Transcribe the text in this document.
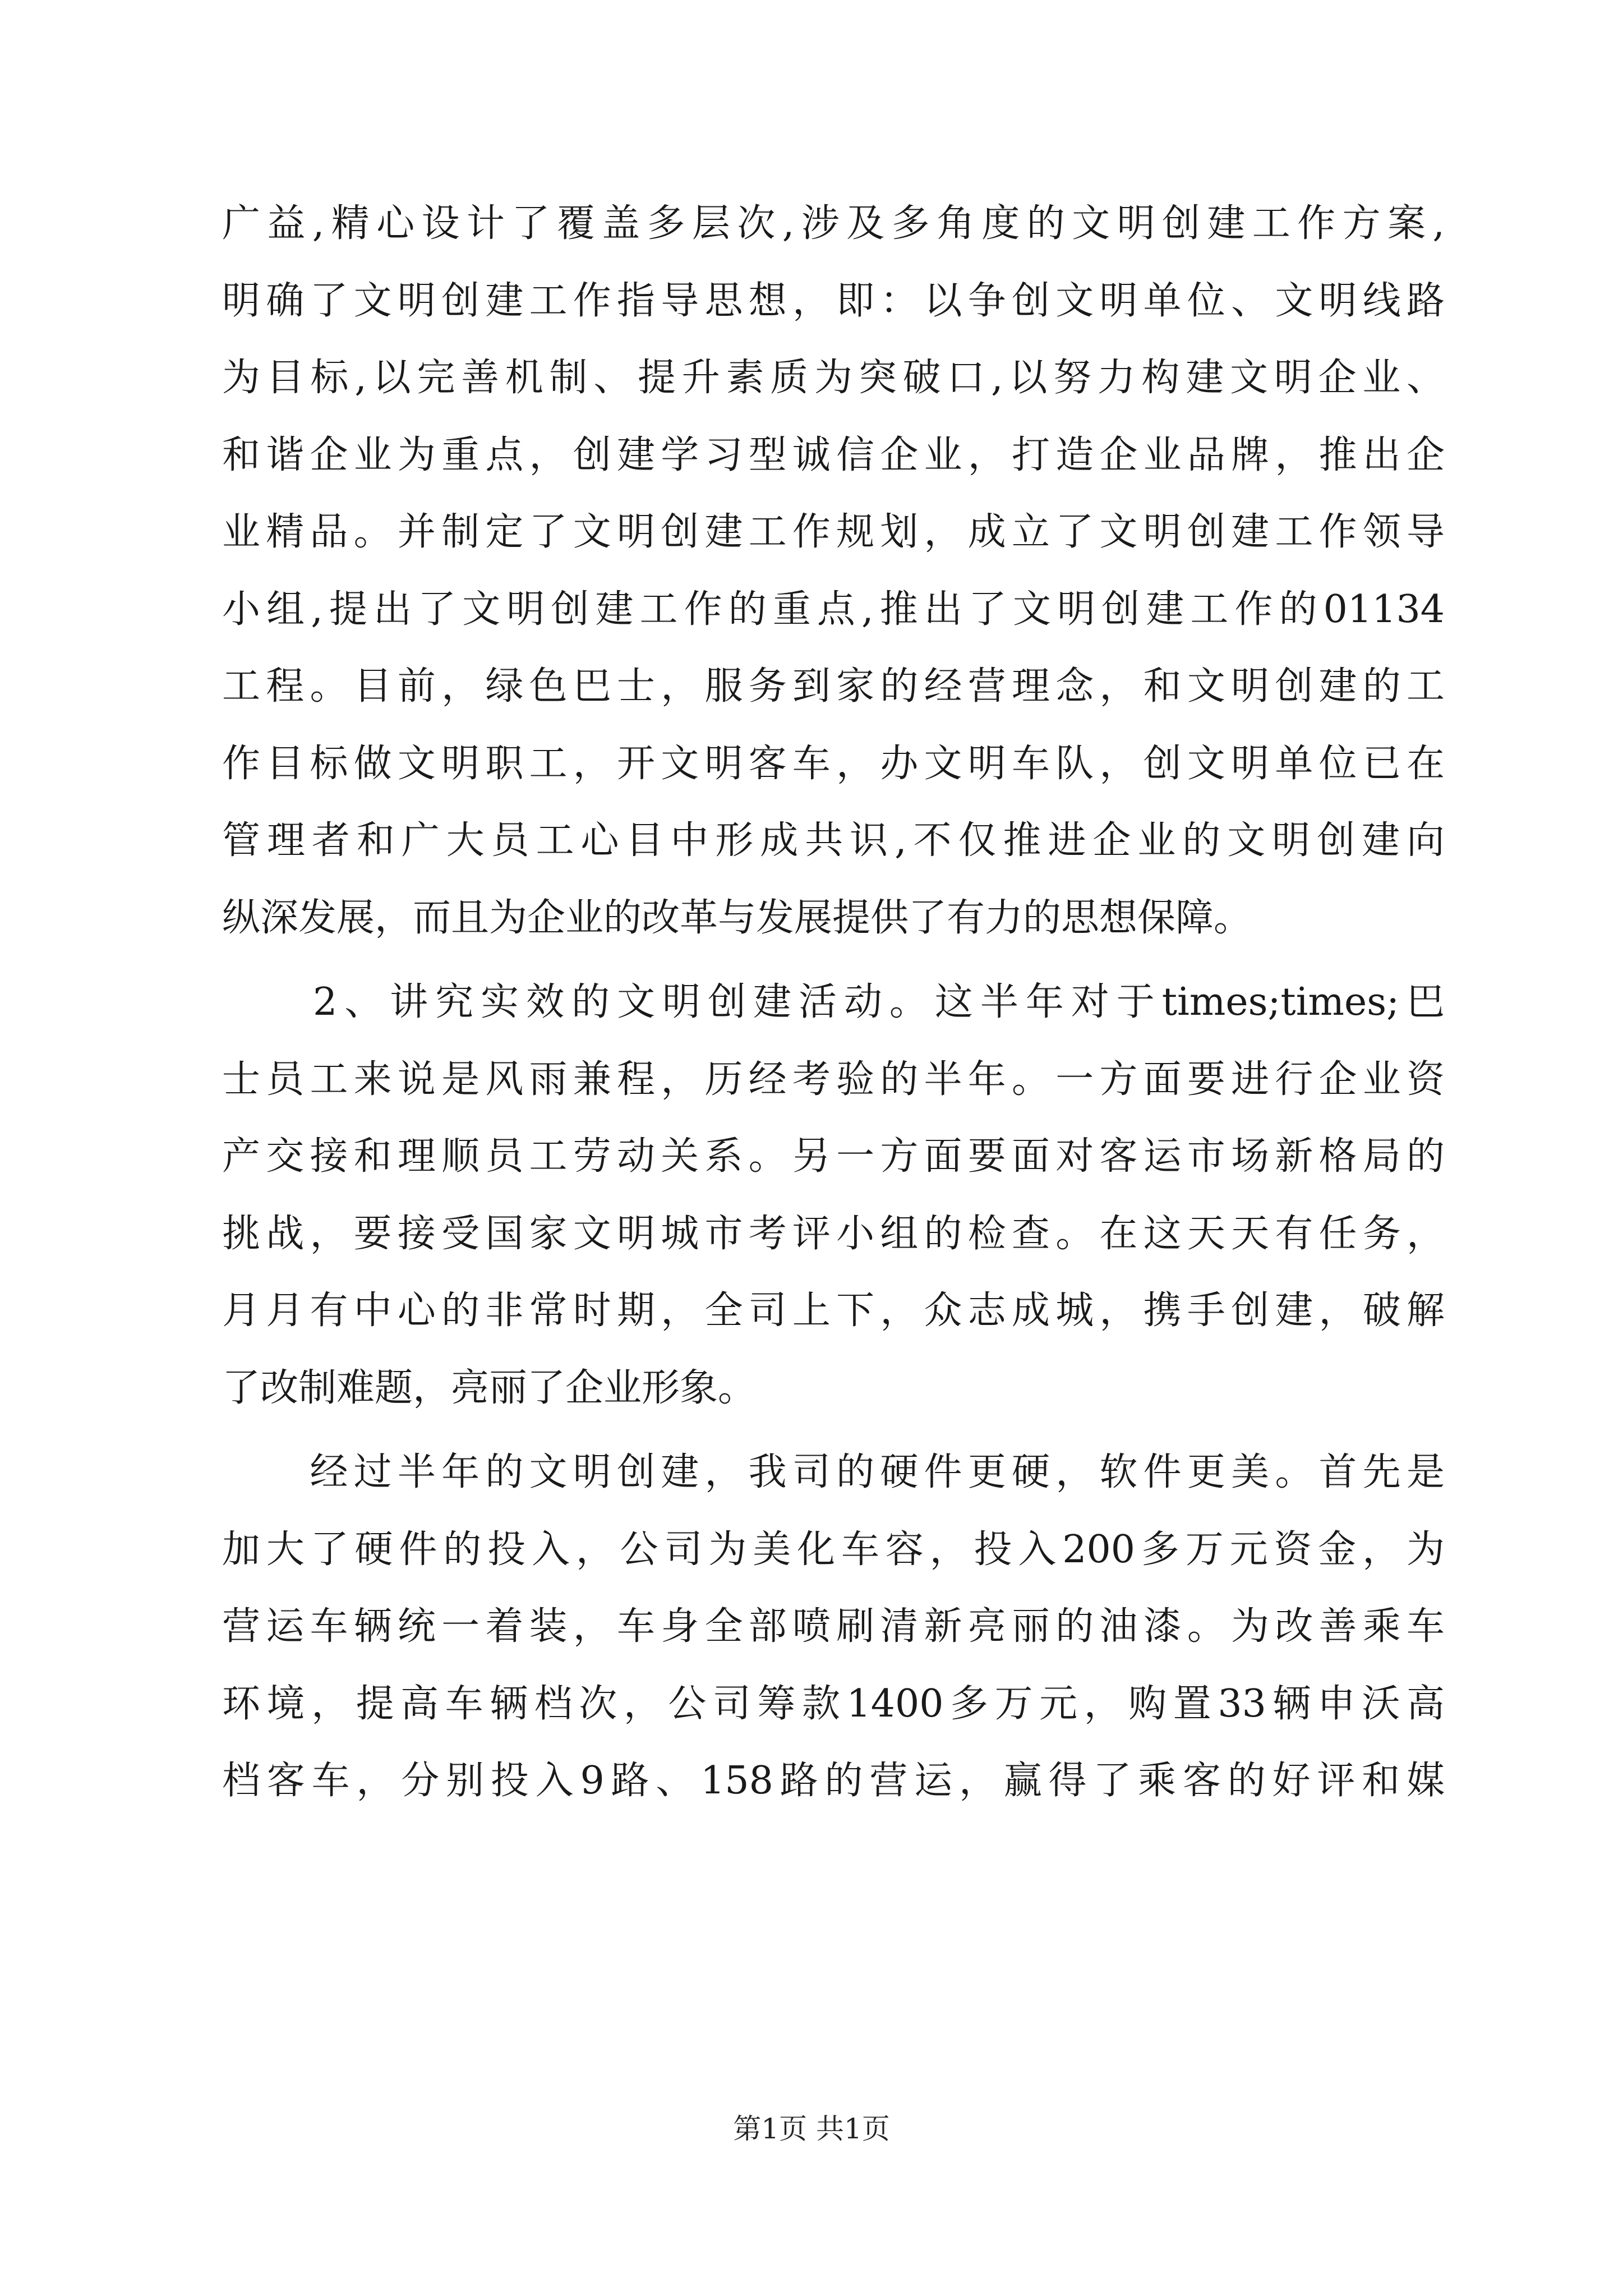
广益,精心设计了覆盖多层次,涉及多角度的文明创建工作方案,
明确了文明创建工作指导思想，即：以争创文明单位、文明线路
为目标,以完善机制、提升素质为突破口,以努力构建文明企业、
和谐企业为重点，创建学习型诚信企业，打造企业品牌，推出企
业精品。并制定了文明创建工作规划，成立了文明创建工作领导
小组,提出了文明创建工作的重点,推出了文明创建工作的01134
工程。目前，绿色巴士，服务到家的经营理念，和文明创建的工
作目标做文明职工，开文明客车，办文明车队，创文明单位已在
管理者和广大员工心目中形成共识,不仅推进企业的文明创建向
纵深发展，而且为企业的改革与发展提供了有力的思想保障。
　　2、讲究实效的文明创建活动。这半年对于times;times;巴
士员工来说是风雨兼程，历经考验的半年。一方面要进行企业资
产交接和理顺员工劳动关系。另一方面要面对客运市场新格局的
挑战，要接受国家文明城市考评小组的检查。在这天天有任务，
月月有中心的非常时期，全司上下，众志成城，携手创建，破解
了改制难题，亮丽了企业形象。
　　经过半年的文明创建，我司的硬件更硬，软件更美。首先是
加大了硬件的投入，公司为美化车容，投入200多万元资金，为
营运车辆统一着装，车身全部喷刷清新亮丽的油漆。为改善乘车
环境，提高车辆档次，公司筹款1400多万元，购置33辆申沃高
档客车，分别投入9路、158路的营运，赢得了乘客的好评和媒
第1页 共1页
